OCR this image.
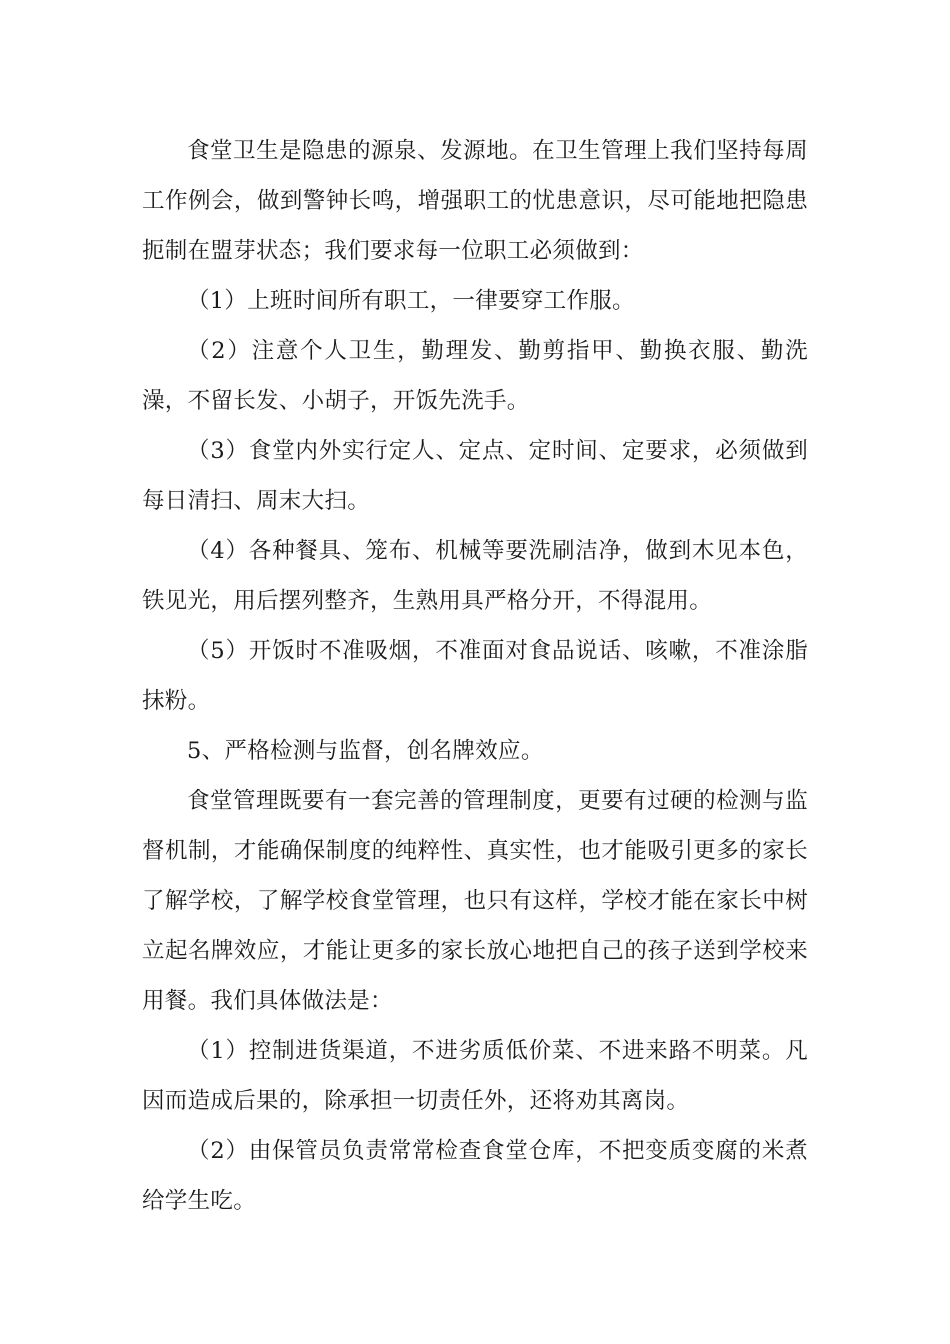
食堂卫生是隐患的源泉、发源地。在卫生管理上我们坚持每周工作例会，做到警钟长鸣，增强职工的忧患意识，尽可能地把隐患扼制在盟芽状态；我们要求每一位职工必须做到：

（1）上班时间所有职工，一律要穿工作服。

（2）注意个人卫生，勤理发、勤剪指甲、勤换衣服、勤洗澡，不留长发、小胡子，开饭先洗手。

（3）食堂内外实行定人、定点、定时间、定要求，必须做到每日清扫、周末大扫。

（4）各种餐具、笼布、机械等要洗刷洁净，做到木见本色，铁见光，用后摆列整齐，生熟用具严格分开，不得混用。

（5）开饭时不准吸烟，不准面对食品说话、咳嗽，不准涂脂抹粉。

5、严格检测与监督，创名牌效应。

食堂管理既要有一套完善的管理制度，更要有过硬的检测与监督机制，才能确保制度的纯粹性、真实性，也才能吸引更多的家长了解学校，了解学校食堂管理，也只有这样，学校才能在家长中树立起名牌效应，才能让更多的家长放心地把自己的孩子送到学校来用餐。我们具体做法是：

（1）控制进货渠道，不进劣质低价菜、不进来路不明菜。凡因而造成后果的，除承担一切责任外，还将劝其离岗。

（2）由保管员负责常常检查食堂仓库，不把变质变腐的米煮给学生吃。
